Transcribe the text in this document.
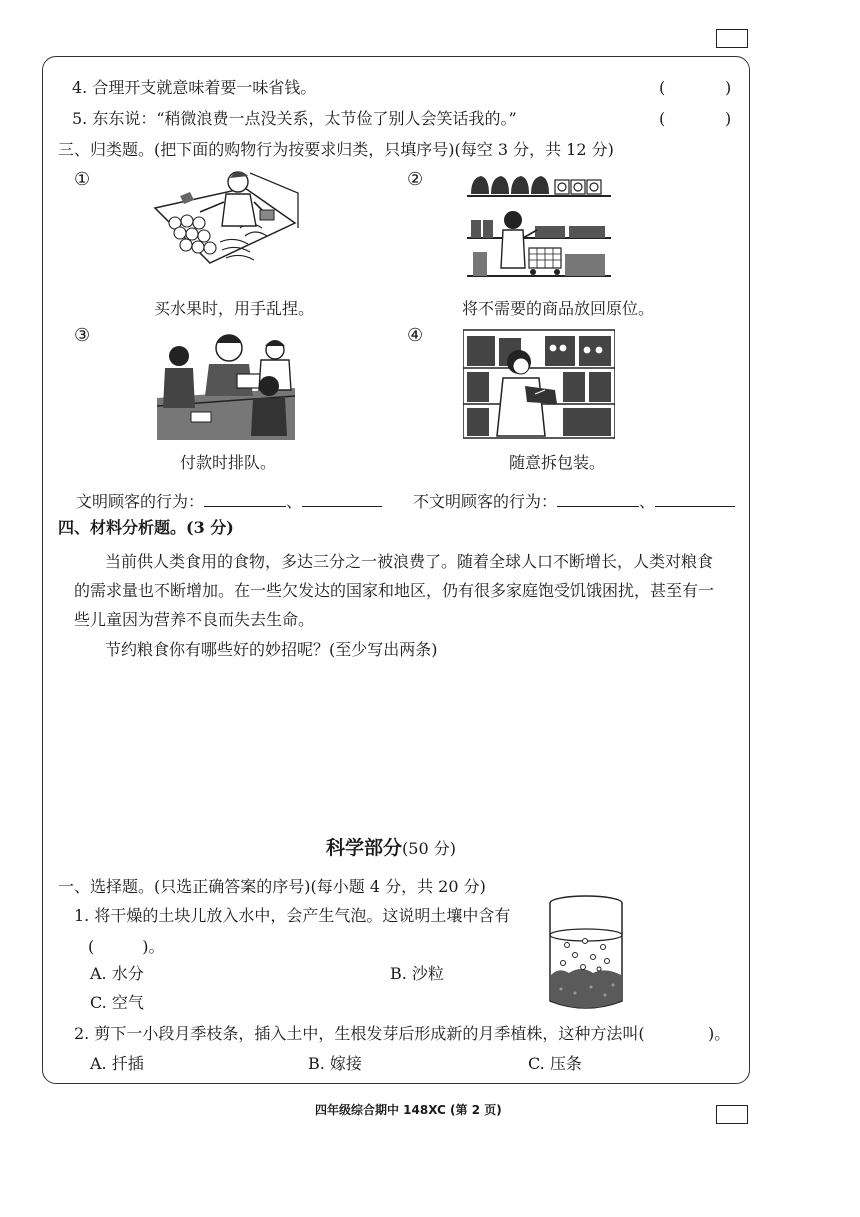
4. 合理开支就意味着要一味省钱。	(	)
5. 东东说：“稍微浪费一点没关系，太节俭了别人会笑话我的。”	(	)
三、归类题。(把下面的购物行为按要求归类，只填序号)(每空 3 分，共 12 分)
①
买水果时，用手乱捏。
②
将不需要的商品放回原位。
③
付款时排队。
④
随意拆包装。
文明顾客的行为：	、	不文明顾客的行为：	、
四、材料分析题。(3 分)
当前供人类食用的食物，多达三分之一被浪费了。随着全球人口不断增长，人类对粮食
的需求量也不断增加。在一些欠发达的国家和地区，仍有很多家庭饱受饥饿困扰，甚至有一
些儿童因为营养不良而失去生命。
节约粮食你有哪些好的妙招呢？(至少写出两条)
科学部分(50 分)
一、选择题。(只选正确答案的序号)(每小题 4 分，共 20 分)
1. 将干燥的土块儿放入水中，会产生气泡。这说明土壤中含有
(　　　)。
A. 水分	B. 沙粒
C. 空气
2. 剪下一小段月季枝条，插入土中，生根发芽后形成新的月季植株，这种方法叫(	)。
A. 扦插	B. 嫁接	C. 压条
四年级综合期中 148XC (第 2 页)
